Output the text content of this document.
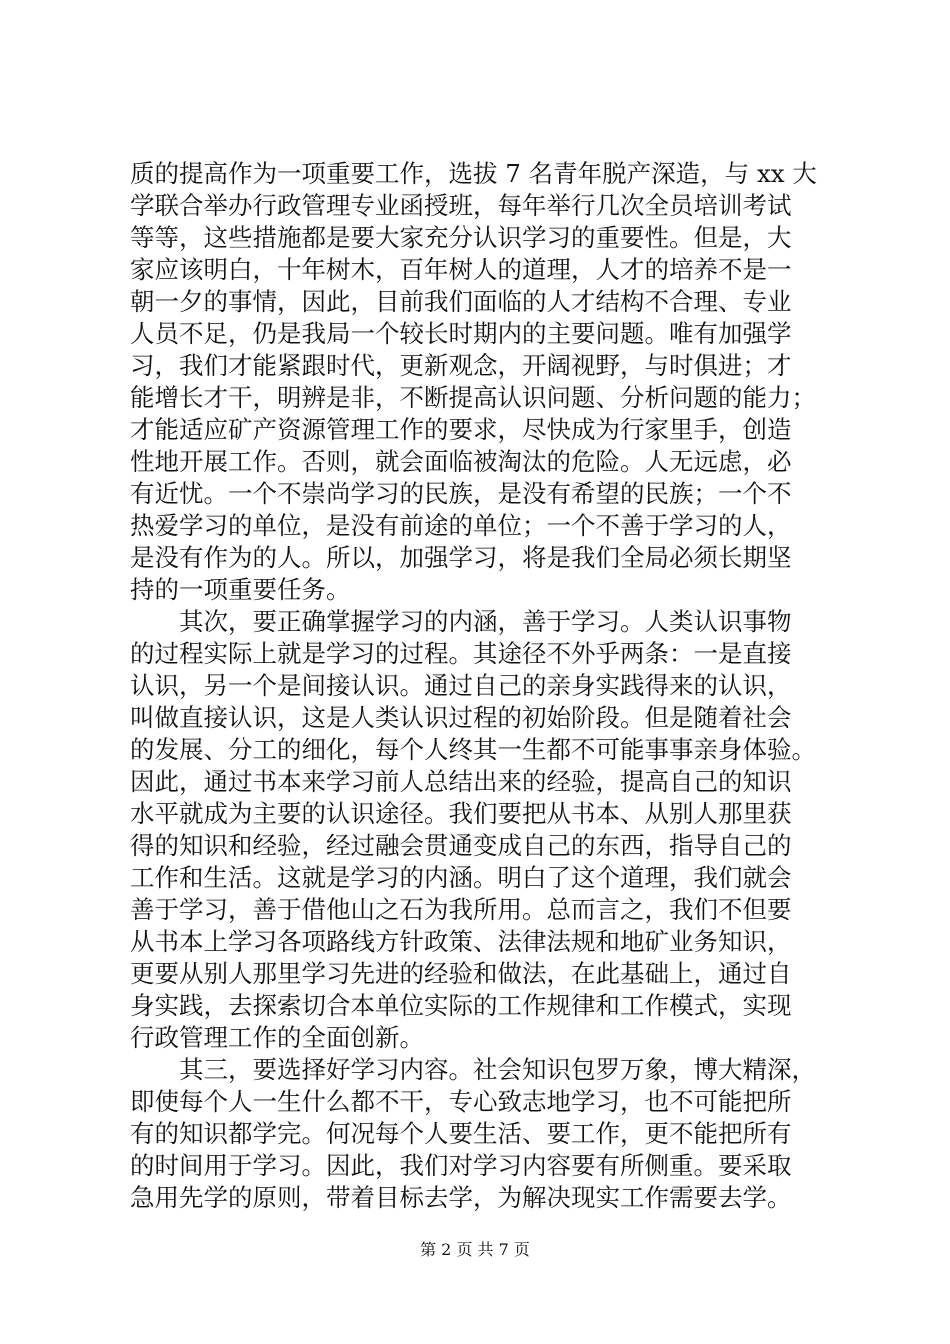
质的提高作为一项重要工作，选拔 7 名青年脱产深造，与 xx 大
学联合举办行政管理专业函授班，每年举行几次全员培训考试
等等，这些措施都是要大家充分认识学习的重要性。但是，大
家应该明白，十年树木，百年树人的道理，人才的培养不是一
朝一夕的事情，因此，目前我们面临的人才结构不合理、专业
人员不足，仍是我局一个较长时期内的主要问题。唯有加强学
习，我们才能紧跟时代，更新观念，开阔视野，与时俱进；才
能增长才干，明辨是非，不断提高认识问题、分析问题的能力；
才能适应矿产资源管理工作的要求，尽快成为行家里手，创造
性地开展工作。否则，就会面临被淘汰的危险。人无远虑，必
有近忧。一个不崇尚学习的民族，是没有希望的民族；一个不
热爱学习的单位，是没有前途的单位；一个不善于学习的人，
是没有作为的人。所以，加强学习，将是我们全局必须长期坚
持的一项重要任务。
　　其次，要正确掌握学习的内涵，善于学习。人类认识事物
的过程实际上就是学习的过程。其途径不外乎两条：一是直接
认识，另一个是间接认识。通过自己的亲身实践得来的认识，
叫做直接认识，这是人类认识过程的初始阶段。但是随着社会
的发展、分工的细化，每个人终其一生都不可能事事亲身体验。
因此，通过书本来学习前人总结出来的经验，提高自己的知识
水平就成为主要的认识途径。我们要把从书本、从别人那里获
得的知识和经验，经过融会贯通变成自己的东西，指导自己的
工作和生活。这就是学习的内涵。明白了这个道理，我们就会
善于学习，善于借他山之石为我所用。总而言之，我们不但要
从书本上学习各项路线方针政策、法律法规和地矿业务知识，
更要从别人那里学习先进的经验和做法，在此基础上，通过自
身实践，去探索切合本单位实际的工作规律和工作模式，实现
行政管理工作的全面创新。
　　其三，要选择好学习内容。社会知识包罗万象，博大精深，
即使每个人一生什么都不干，专心致志地学习，也不可能把所
有的知识都学完。何况每个人要生活、要工作，更不能把所有
的时间用于学习。因此，我们对学习内容要有所侧重。要采取
急用先学的原则，带着目标去学，为解决现实工作需要去学。
第 2 页 共 7 页
